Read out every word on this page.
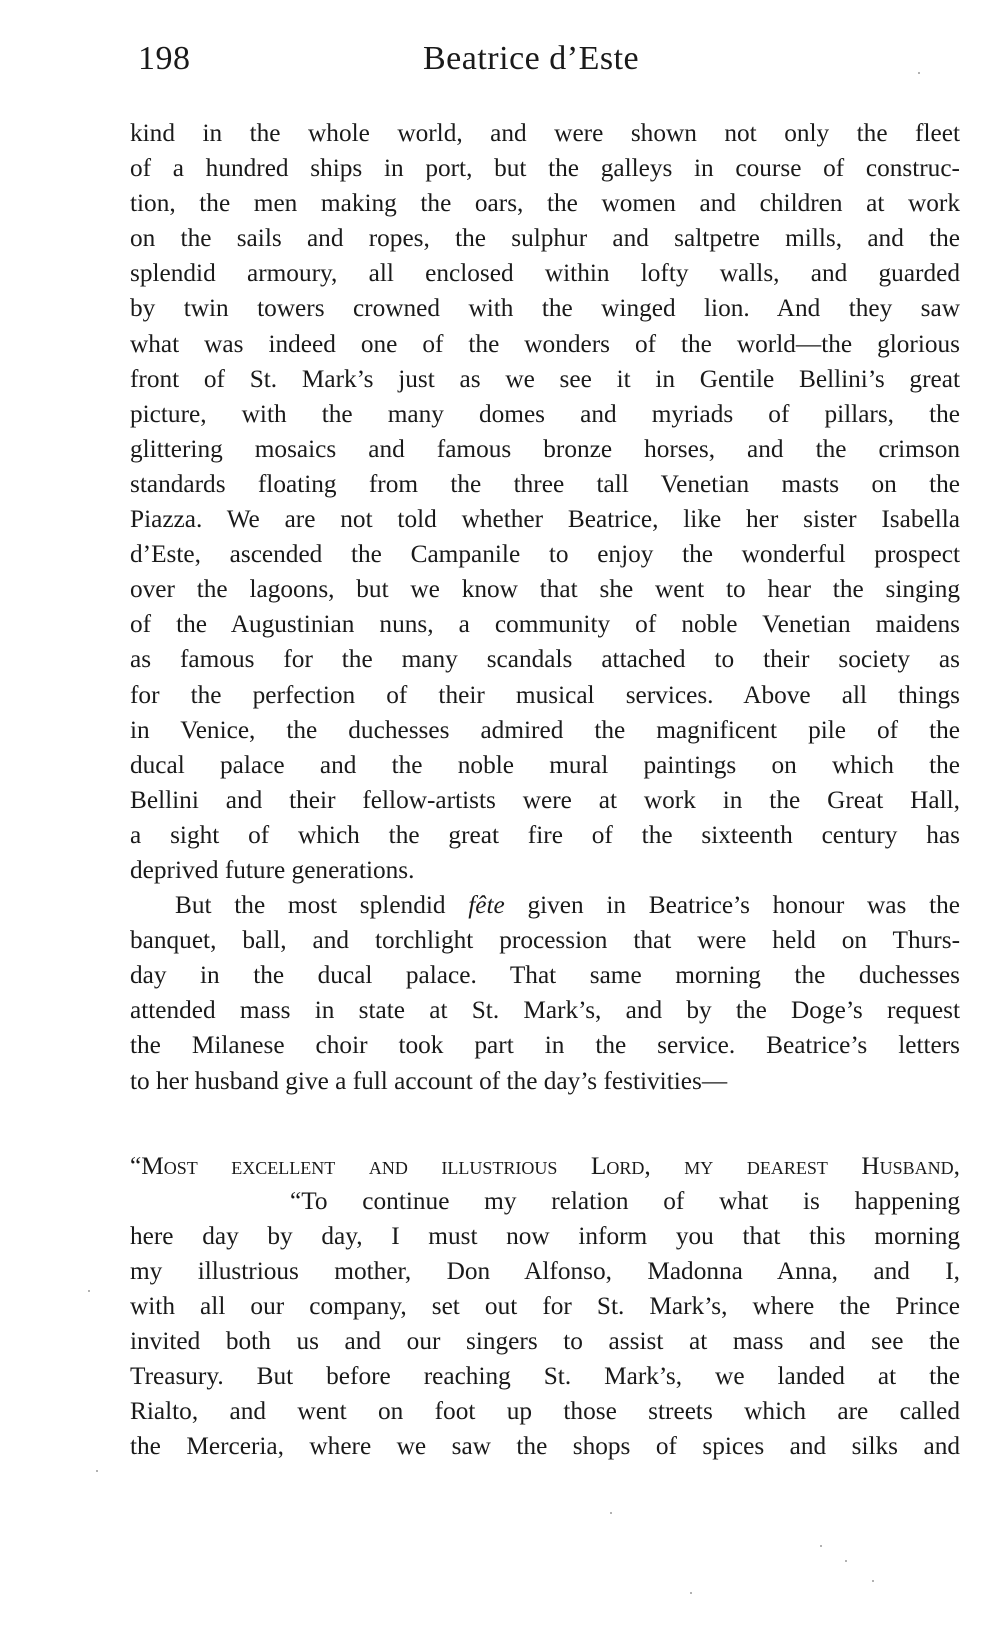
198	Beatrice d’Este
kind in the whole world, and were shown not only the fleet
of a hundred ships in port, but the galleys in course of construc-
tion, the men making the oars, the women and children at work
on the sails and ropes, the sulphur and saltpetre mills, and the
splendid armoury, all enclosed within lofty walls, and guarded
by twin towers crowned with the winged lion. And they saw
what was indeed one of the wonders of the world—the glorious
front of St. Mark’s just as we see it in Gentile Bellini’s great
picture, with the many domes and myriads of pillars, the
glittering mosaics and famous bronze horses, and the crimson
standards floating from the three tall Venetian masts on the
Piazza. We are not told whether Beatrice, like her sister Isabella
d’Este, ascended the Campanile to enjoy the wonderful prospect
over the lagoons, but we know that she went to hear the singing
of the Augustinian nuns, a community of noble Venetian maidens
as famous for the many scandals attached to their society as
for the perfection of their musical services. Above all things
in Venice, the duchesses admired the magnificent pile of the
ducal palace and the noble mural paintings on which the
Bellini and their fellow-artists were at work in the Great Hall,
a sight of which the great fire of the sixteenth century has
deprived future generations.
But the most splendid fête given in Beatrice’s honour was the
banquet, ball, and torchlight procession that were held on Thurs-
day in the ducal palace. That same morning the duchesses
attended mass in state at St. Mark’s, and by the Doge’s request
the Milanese choir took part in the service. Beatrice’s letters
to her husband give a full account of the day’s festivities—
“Most excellent and illustrious Lord, my dearest Husband,
“To continue my relation of what is happening
here day by day, I must now inform you that this morning
my illustrious mother, Don Alfonso, Madonna Anna, and I,
with all our company, set out for St. Mark’s, where the Prince
invited both us and our singers to assist at mass and see the
Treasury. But before reaching St. Mark’s, we landed at the
Rialto, and went on foot up those streets which are called
the Merceria, where we saw the shops of spices and silks and
